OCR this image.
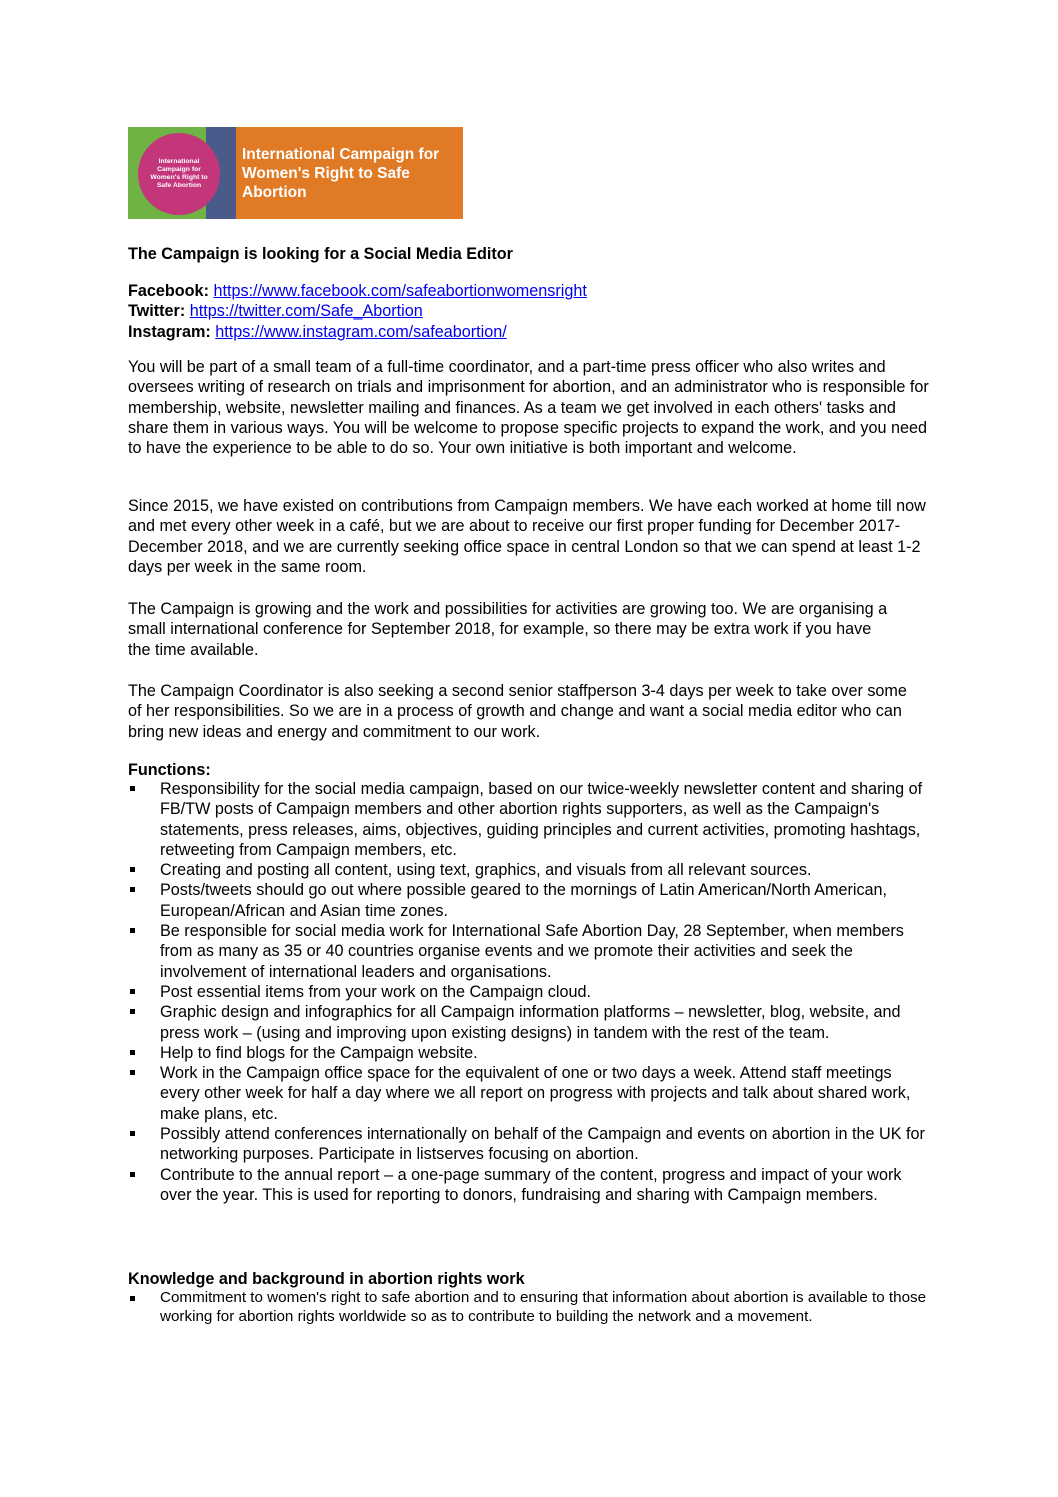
International Campaign for Women's Right to Safe Abortion
International Campaign for
Women's Right to Safe Abortion
The Campaign is looking for a Social Media Editor
Facebook: https://www.facebook.com/safeabortionwomensright
Twitter: https://twitter.com/Safe_Abortion
Instagram: https://www.instagram.com/safeabortion/

You will be part of a small team of a full-time coordinator, and a part-time press officer who also writes and oversees writing of research on trials and imprisonment for abortion, and an administrator who is responsible for membership, website, newsletter mailing and finances. As a team we get involved in each others' tasks and share them in various ways. You will be welcome to propose specific projects to expand the work, and you need to have the experience to be able to do so. Your own initiative is both important and welcome.

Since 2015, we have existed on contributions from Campaign members. We have each worked at home till now and met every other week in a café, but we are about to receive our first proper funding for December 2017-December 2018, and we are currently seeking office space in central London so that we can spend at least 1-2 days per week in the same room.

The Campaign is growing and the work and possibilities for activities are growing too. We are organising a small international conference for September 2018, for example, so there may be extra work if you have the time available.

The Campaign Coordinator is also seeking a second senior staffperson 3-4 days per week to take over some of her responsibilities. So we are in a process of growth and change and want a social media editor who can bring new ideas and energy and commitment to our work.

Functions:
Responsibility for the social media campaign, based on our twice-weekly newsletter content and sharing of FB/TW posts of Campaign members and other abortion rights supporters, as well as the Campaign's statements, press releases, aims, objectives, guiding principles and current activities, promoting hashtags, retweeting from Campaign members, etc.
Creating and posting all content, using text, graphics, and visuals from all relevant sources.
Posts/tweets should go out where possible geared to the mornings of Latin American/North American, European/African and Asian time zones.
Be responsible for social media work for International Safe Abortion Day, 28 September, when members from as many as 35 or 40 countries organise events and we promote their activities and seek the involvement of international leaders and organisations.
Post essential items from your work on the Campaign cloud.
Graphic design and infographics for all Campaign information platforms – newsletter, blog, website, and press work – (using and improving upon existing designs) in tandem with the rest of the team.
Help to find blogs for the Campaign website.
Work in the Campaign office space for the equivalent of one or two days a week. Attend staff meetings every other week for half a day where we all report on progress with projects and talk about shared work, make plans, etc.
Possibly attend conferences internationally on behalf of the Campaign and events on abortion in the UK for networking purposes. Participate in listserves focusing on abortion.
Contribute to the annual report – a one-page summary of the content, progress and impact of your work over the year. This is used for reporting to donors, fundraising and sharing with Campaign members.
Knowledge and background in abortion rights work
Commitment to women's right to safe abortion and to ensuring that information about abortion is available to those working for abortion rights worldwide so as to contribute to building the network and a movement.
